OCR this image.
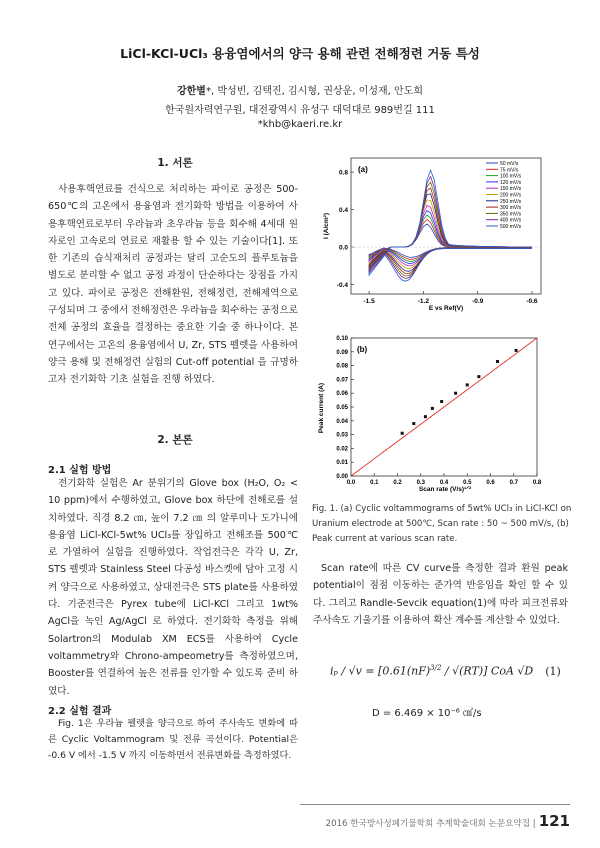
LiCl-KCl-UCl₃ 용융염에서의 양극 용해 관련 전해정련 거동 특성
강한별*, 박성빈, 김택진, 김시형, 권상운, 이성재, 안도희
한국원자력연구원, 대전광역시 유성구 대덕대로 989번길 111
*khb@kaeri.re.kr
1. 서론
사용후핵연료를 건식으로 처리하는 파이로 공정은 500-650℃의 고온에서 용융염과 전기화학 방법을 이용하여 사용후핵연료로부터 우라늄과 초우라늄 등을 회수해 4세대 원자로인 고속로의 연료로 재활용 할 수 있는 기술이다[1]. 또한 기존의 습식재처리 공정과는 달리 고순도의 플루토늄을 별도로 분리할 수 없고 공정 과정이 단순하다는 장점을 가지고 있다. 파이로 공정은 전해환원, 전해정련, 전해제역으로 구성되며 그 중에서 전해정련은 우라늄을 회수하는 공정으로 전체 공정의 효율을 결정하는 중요한 기술 중 하나이다. 본 연구에서는 고온의 용융염에서 U, Zr, STS 펠렛을 사용하여 양극 용해 및 전해정련 실험의 Cut-off potential 을 규명하고자 전기화학 기초 실험을 진행 하였다.
2. 본론
2.1 실험 방법
전기화학 실험은 Ar 분위기의 Glove box (H₂O, O₂ < 10 ppm)에서 수행하였고, Glove box 하단에 전해로를 설치하였다. 직경 8.2 ㎝, 높이 7.2 ㎝ 의 알루미나 도가니에 용융염 LiCl-KCl-5wt% UCl₃를 장입하고 전해조를 500℃ 로 가열하여 실험을 진행하였다. 작업전극은 각각 U, Zr, STS 펠렛과 Stainless Steel 다공성 바스켓에 담아 고정 시켜 양극으로 사용하였고, 상대전극은 STS plate를 사용하였다. 기준전극은 Pyrex tube에 LiCl-KCl 그리고 1wt% AgCl을 녹인 Ag/AgCl 로 하였다. 전기화학 측정을 위해 Solartron의 Modulab XM ECS를 사용하여 Cycle voltammetry와 Chrono-ampeometry를 측정하였으며, Booster를 연결하여 높은 전류를 인가할 수 있도록 준비 하였다.
2.2 실험 결과
Fig. 1은 우라늄 펠렛을 양극으로 하여 주사속도 변화에 따른 Cyclic Voltammogram 및 전류 곡선이다. Potential은 -0.6 V 에서 -1.5 V 까지 이동하면서 전류변화를 측정하였다.
-1.5	-1.2	-0.9	-0.6
-0.4
0.0
0.4
0.8
50 mV/s
75 mV/s
100 mV/s
120 mV/s
150 mV/s
200 mV/s
250 mV/s
300 mV/s
350 mV/s
400 mV/s
500 mV/s
(a)
E vs Ref(V)
I (A/cm²)
0.0 0.1 0.2 0.3 0.4 0.5 0.6 0.7 0.8
0.00
0.01
0.02
0.03
0.04
0.05
0.06
0.07
0.08
0.09
0.10
(b)
Scan rate (V/s)¹ᐟ²
Peak current (A)
Fig. 1. (a) Cyclic voltammograms of 5wt% UCl₃ in LiCl-KCl on Uranium electrode at 500℃, Scan rate : 50 ~ 500 mV/s, (b) Peak current at various scan rate.
Scan rate에 따른 CV curve를 측정한 결과 환원 peak potential이 점점 이동하는 준가역 반응임을 확인 할 수 있다. 그리고 Randle-Sevcik equation(1)에 따라 피크전류와 주사속도 기울기를 이용하여 확산 계수를 계산할 수 있었다.
iₚ / √v = [0.61(nF)$^{3/2}$ / √(RT)] CoA √D (1)
D = 6.469 × 10⁻⁶ ㎠/s
2016 한국방사성폐기물학회 추계학술대회 논문요약집 | 121
